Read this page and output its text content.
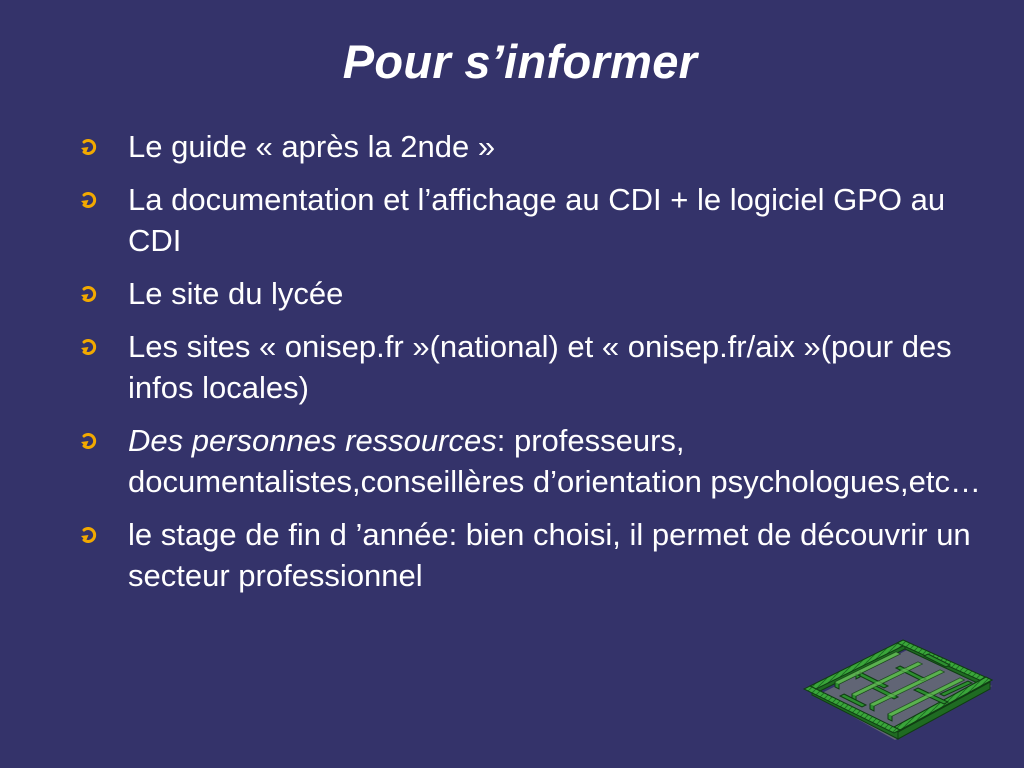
Pour s’informer
Le guide « après la 2nde »
La documentation et l’affichage au CDI + le logiciel GPO au CDI
Le site du lycée
Les sites « onisep.fr »(national) et « onisep.fr/aix »(pour des infos locales)
Des personnes ressources: professeurs, documentalistes,conseillères d’orientation psychologues,etc…
le stage de fin d ’année: bien choisi, il permet de découvrir un secteur professionnel
